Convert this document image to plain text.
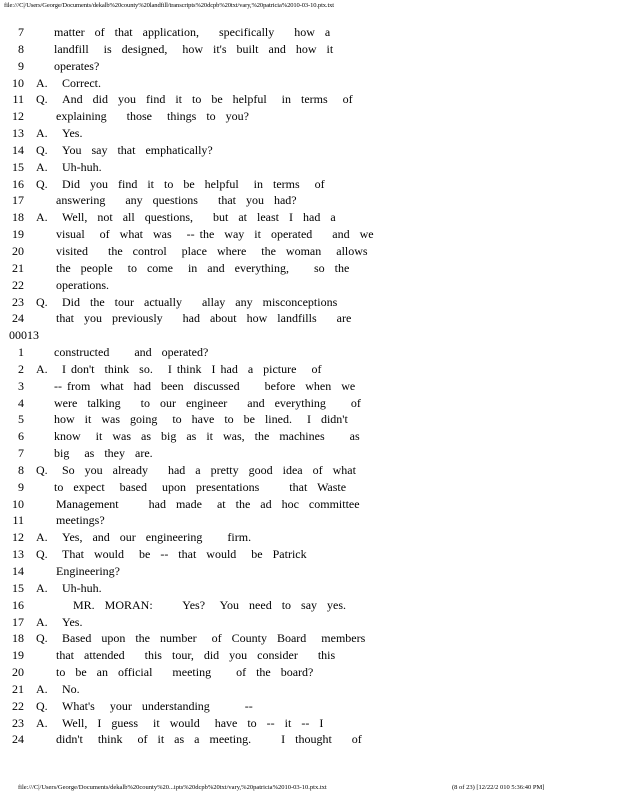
file:///C|/Users/George/Documents/dekalb%20county%20landfill/transcripts%20dcpb%20txt/vary,%20patricia%2010-03-10.ptx.txt
7	matter  of  that  application,    specifically    how  a
8	landfill   is  designed,   how  it's  built  and  how  it
9	operates?
10 A. Correct.
11 Q. And  did  you  find  it  to  be  helpful   in  terms   of
12	explaining    those   things  to  you?
13 A. Yes.
14 Q. You  say  that  emphatically?
15 A. Uh-huh.
16 Q. Did  you  find  it  to  be  helpful   in  terms   of
17	answering    any  questions    that  you  had?
18 A. Well,  not  all  questions,    but  at  least  I  had  a
19	visual   of  what  was   -- the  way  it  operated    and  we
20	visited    the  control   place  where   the  woman   allows
21	the  people   to  come   in  and  everything,     so  the
22	operations.
23 Q. Did  the  tour  actually    allay  any  misconceptions
24	that  you  previously    had  about  how  landfills    are
00013
1	constructed     and  operated?
2 A. I don't  think  so.   I think  I had  a  picture   of
3	-- from  what  had  been  discussed     before  when  we
4	were  talking    to  our  engineer    and  everything     of
5	how  it  was  going   to  have  to  be  lined.   I  didn't
6	know   it  was  as  big  as  it  was,  the  machines     as
7	big   as  they  are.
8 Q. So  you  already    had  a  pretty  good  idea  of  what
9	to  expect   based   upon  presentations      that  Waste
10	Management      had  made   at  the  ad  hoc  committee
11	meetings?
12 A. Yes,  and  our  engineering     firm.
13 Q. That  would   be  --  that  would   be  Patrick
14	Engineering?
15 A. Uh-huh.
16	MR.  MORAN:      Yes?   You  need  to  say  yes.
17 A. Yes.
18 Q. Based  upon  the  number   of  County  Board   members
19	that  attended    this  tour,  did  you  consider    this
20	to  be  an  official    meeting     of  the  board?
21 A. No.
22 Q. What's   your  understanding       --
23 A. Well,  I  guess   it  would   have  to  --  it  --  I
24	didn't   think   of  it  as  a  meeting.      I  thought    of
file:///C|/Users/George/Documents/dekalb%20county%20...ipts%20dcpb%20txt/vary,%20patricia%2010-03-10.ptx.txt	(8 of 23) [12/22/2 010 5:36:40 PM]
